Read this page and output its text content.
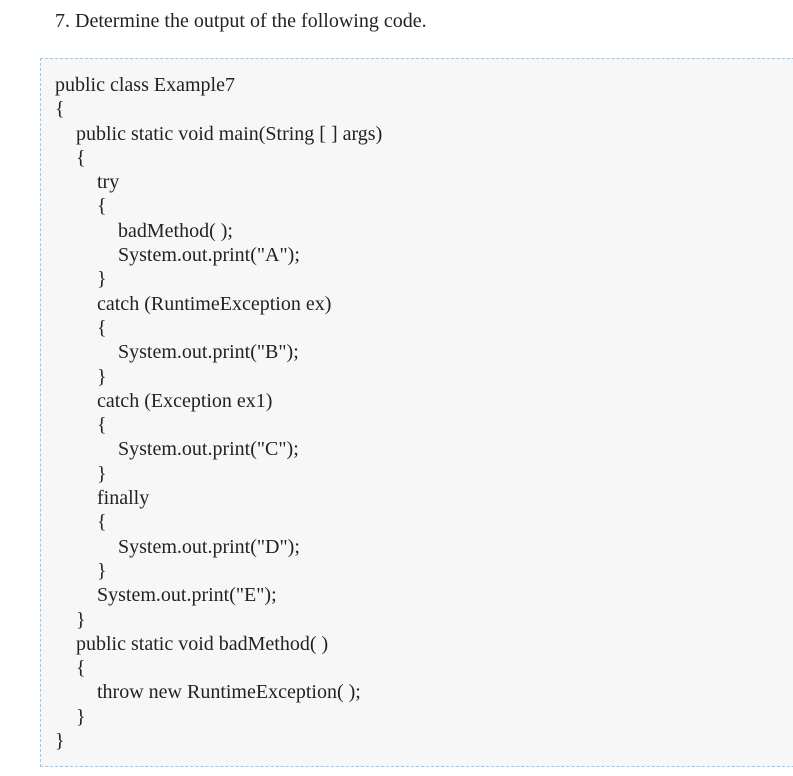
7. Determine the output of the following code.
public class Example7
{
public static void main(String [ ] args)
{
try
{
badMethod( );
System.out.print("A");
}
catch (RuntimeException ex)
{
System.out.print("B");
}
catch (Exception ex1)
{
System.out.print("C");
}
finally
{
System.out.print("D");
}
System.out.print("E");
}
public static void badMethod( )
{
throw new RuntimeException( );
}
}
